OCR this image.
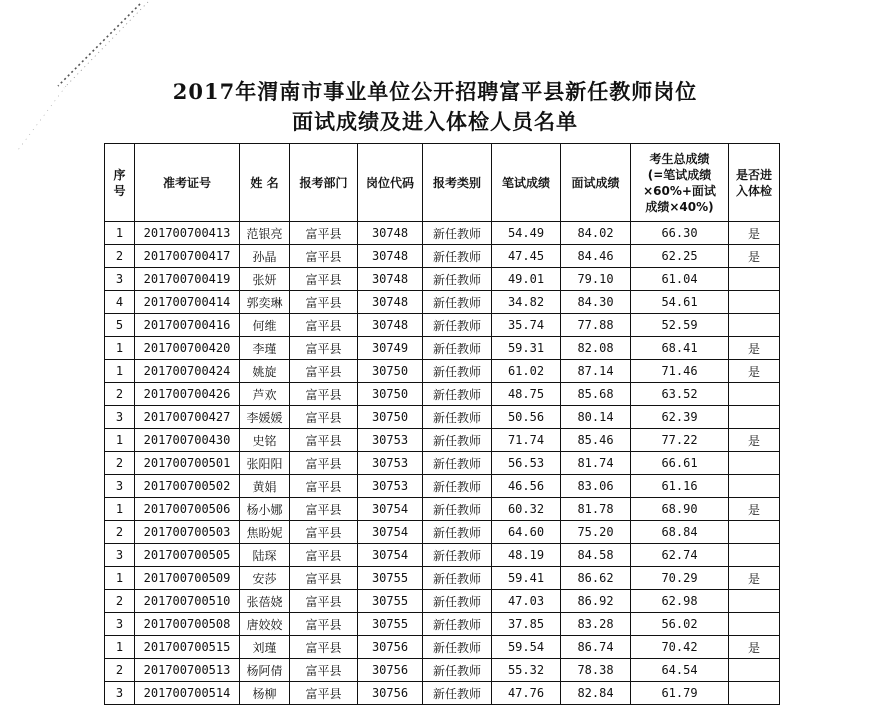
2017年渭南市事业单位公开招聘富平县新任教师岗位
面试成绩及进入体检人员名单
序号	准考证号	姓 名	报考部门	岗位代码	报考类别	笔试成绩	面试成绩	考生总成绩(=笔试成绩×60%+面试成绩×40%)	是否进入体检
1	201700700413	范银亮	富平县	30748	新任教师	54.49	84.02	66.30	是
2	201700700417	孙晶	富平县	30748	新任教师	47.45	84.46	62.25	是
3	201700700419	张妍	富平县	30748	新任教师	49.01	79.10	61.04	
4	201700700414	郭奕琳	富平县	30748	新任教师	34.82	84.30	54.61	
5	201700700416	何维	富平县	30748	新任教师	35.74	77.88	52.59	
1	201700700420	李瑾	富平县	30749	新任教师	59.31	82.08	68.41	是
1	201700700424	姚旋	富平县	30750	新任教师	61.02	87.14	71.46	是
2	201700700426	芦欢	富平县	30750	新任教师	48.75	85.68	63.52	
3	201700700427	李媛媛	富平县	30750	新任教师	50.56	80.14	62.39	
1	201700700430	史铭	富平县	30753	新任教师	71.74	85.46	77.22	是
2	201700700501	张阳阳	富平县	30753	新任教师	56.53	81.74	66.61	
3	201700700502	黄娟	富平县	30753	新任教师	46.56	83.06	61.16	
1	201700700506	杨小娜	富平县	30754	新任教师	60.32	81.78	68.90	是
2	201700700503	焦盼妮	富平县	30754	新任教师	64.60	75.20	68.84	
3	201700700505	陆琛	富平县	30754	新任教师	48.19	84.58	62.74	
1	201700700509	安莎	富平县	30755	新任教师	59.41	86.62	70.29	是
2	201700700510	张蓓娆	富平县	30755	新任教师	47.03	86.92	62.98	
3	201700700508	唐姣姣	富平县	30755	新任教师	37.85	83.28	56.02	
1	201700700515	刘瑾	富平县	30756	新任教师	59.54	86.74	70.42	是
2	201700700513	杨阿倩	富平县	30756	新任教师	55.32	78.38	64.54	
3	201700700514	杨柳	富平县	30756	新任教师	47.76	82.84	61.79	
